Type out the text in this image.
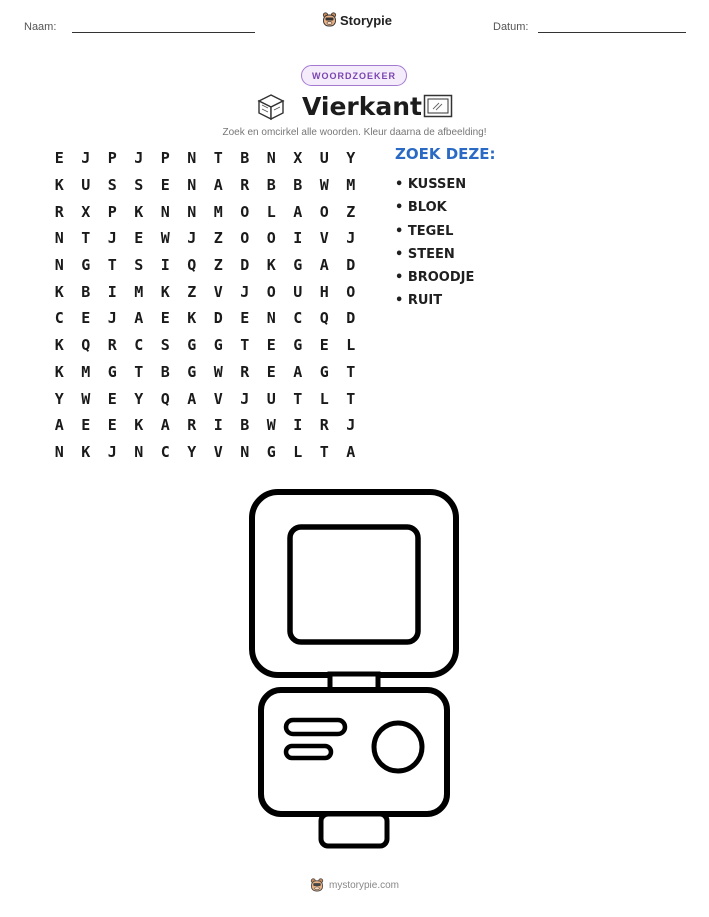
Naam:	Storypie	Datum:
WOORDZOEKER
Vierkant
Zoek en omcirkel alle woorden. Kleur daarna de afbeelding!
E	J	P	J	P	N	T	B	N	X	U	Y
K	U	S	S	E	N	A	R	B	B	W	M
R	X	P	K	N	N	M	O	L	A	O	Z
N	T	J	E	W	J	Z	O	O	I	V	J
N	G	T	S	I	Q	Z	D	K	G	A	D
K	B	I	M	K	Z	V	J	O	U	H	O
C	E	J	A	E	K	D	E	N	C	Q	D
K	Q	R	C	S	G	G	T	E	G	E	L
K	M	G	T	B	G	W	R	E	A	G	T
Y	W	E	Y	Q	A	V	J	U	T	L	T
A	E	E	K	A	R	I	B	W	I	R	J
N	K	J	N	C	Y	V	N	G	L	T	A
ZOEK DEZE:
• KUSSEN
• BLOK
• TEGEL
• STEEN
• BROODJE
• RUIT
mystorypie.com
